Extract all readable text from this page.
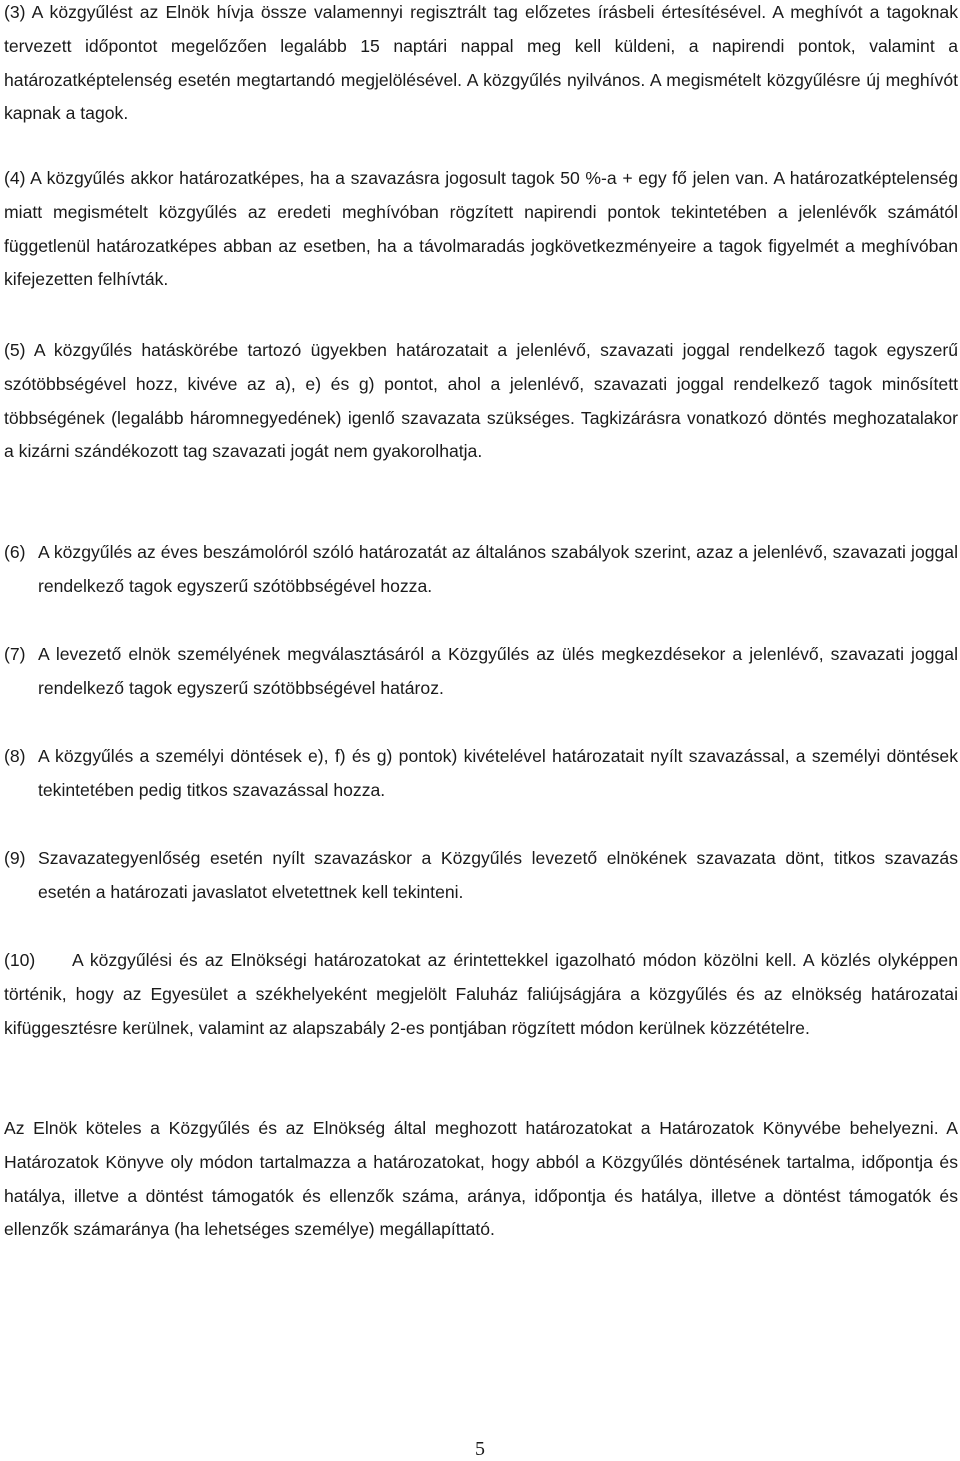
(3) A közgyűlést az Elnök hívja össze valamennyi regisztrált tag előzetes írásbeli értesítésével. A meghívót a tagoknak tervezett időpontot megelőzően legalább 15 naptári nappal meg kell küldeni, a napirendi pontok, valamint a határozatképtelenség esetén megtartandó megjelölésével. A közgyűlés nyilvános. A megismételt közgyűlésre új meghívót kapnak a tagok.

(4) A közgyűlés akkor határozatképes, ha a szavazásra jogosult tagok 50 %-a + egy fő jelen van. A határozatképtelenség miatt megismételt közgyűlés az eredeti meghívóban rögzített napirendi pontok tekintetében a jelenlévők számától függetlenül határozatképes abban az esetben, ha a távolmaradás jogkövetkezményeire a tagok figyelmét a meghívóban kifejezetten felhívták.

(5) A közgyűlés hatáskörébe tartozó ügyekben határozatait a jelenlévő, szavazati joggal rendelkező tagok egyszerű szótöbbségével hozz, kivéve az a), e) és g) pontot, ahol a jelenlévő, szavazati joggal rendelkező tagok minősített többségének (legalább háromnegyedének) igenlő szavazata szükséges. Tagkizárásra vonatkozó döntés meghozatalakor a kizárni szándékozott tag szavazati jogát nem gyakorolhatja.

(6) A közgyűlés az éves beszámolóról szóló határozatát az általános szabályok szerint, azaz a jelenlévő, szavazati joggal rendelkező tagok egyszerű szótöbbségével hozza.
(7) A levezető elnök személyének megválasztásáról a Közgyűlés az ülés megkezdésekor a jelenlévő, szavazati joggal rendelkező tagok egyszerű szótöbbségével határoz.
(8) A közgyűlés a személyi döntések e), f) és g) pontok) kivételével határozatait nyílt szavazással, a személyi döntések tekintetében pedig titkos szavazással hozza.
(9) Szavazategyenlőség esetén nyílt szavazáskor a Közgyűlés levezető elnökének szavazata dönt, titkos szavazás esetén a határozati javaslatot elvetettnek kell tekinteni.

(10) A közgyűlési és az Elnökségi határozatokat az érintettekkel igazolható módon közölni kell. A közlés olyképpen történik, hogy az Egyesület a székhelyeként megjelölt Faluház faliújságjára a közgyűlés és az elnökség határozatai kifüggesztésre kerülnek, valamint az alapszabály 2-es pontjában rögzített módon kerülnek közzétételre.

Az Elnök köteles a Közgyűlés és az Elnökség által meghozott határozatokat a Határozatok Könyvébe behelyezni. A Határozatok Könyve oly módon tartalmazza a határozatokat, hogy abból a Közgyűlés döntésének tartalma, időpontja és hatálya, illetve a döntést támogatók és ellenzők száma, aránya, időpontja és hatálya, illetve a döntést támogatók és ellenzők számaránya (ha lehetséges személye) megállapíttató.

5
